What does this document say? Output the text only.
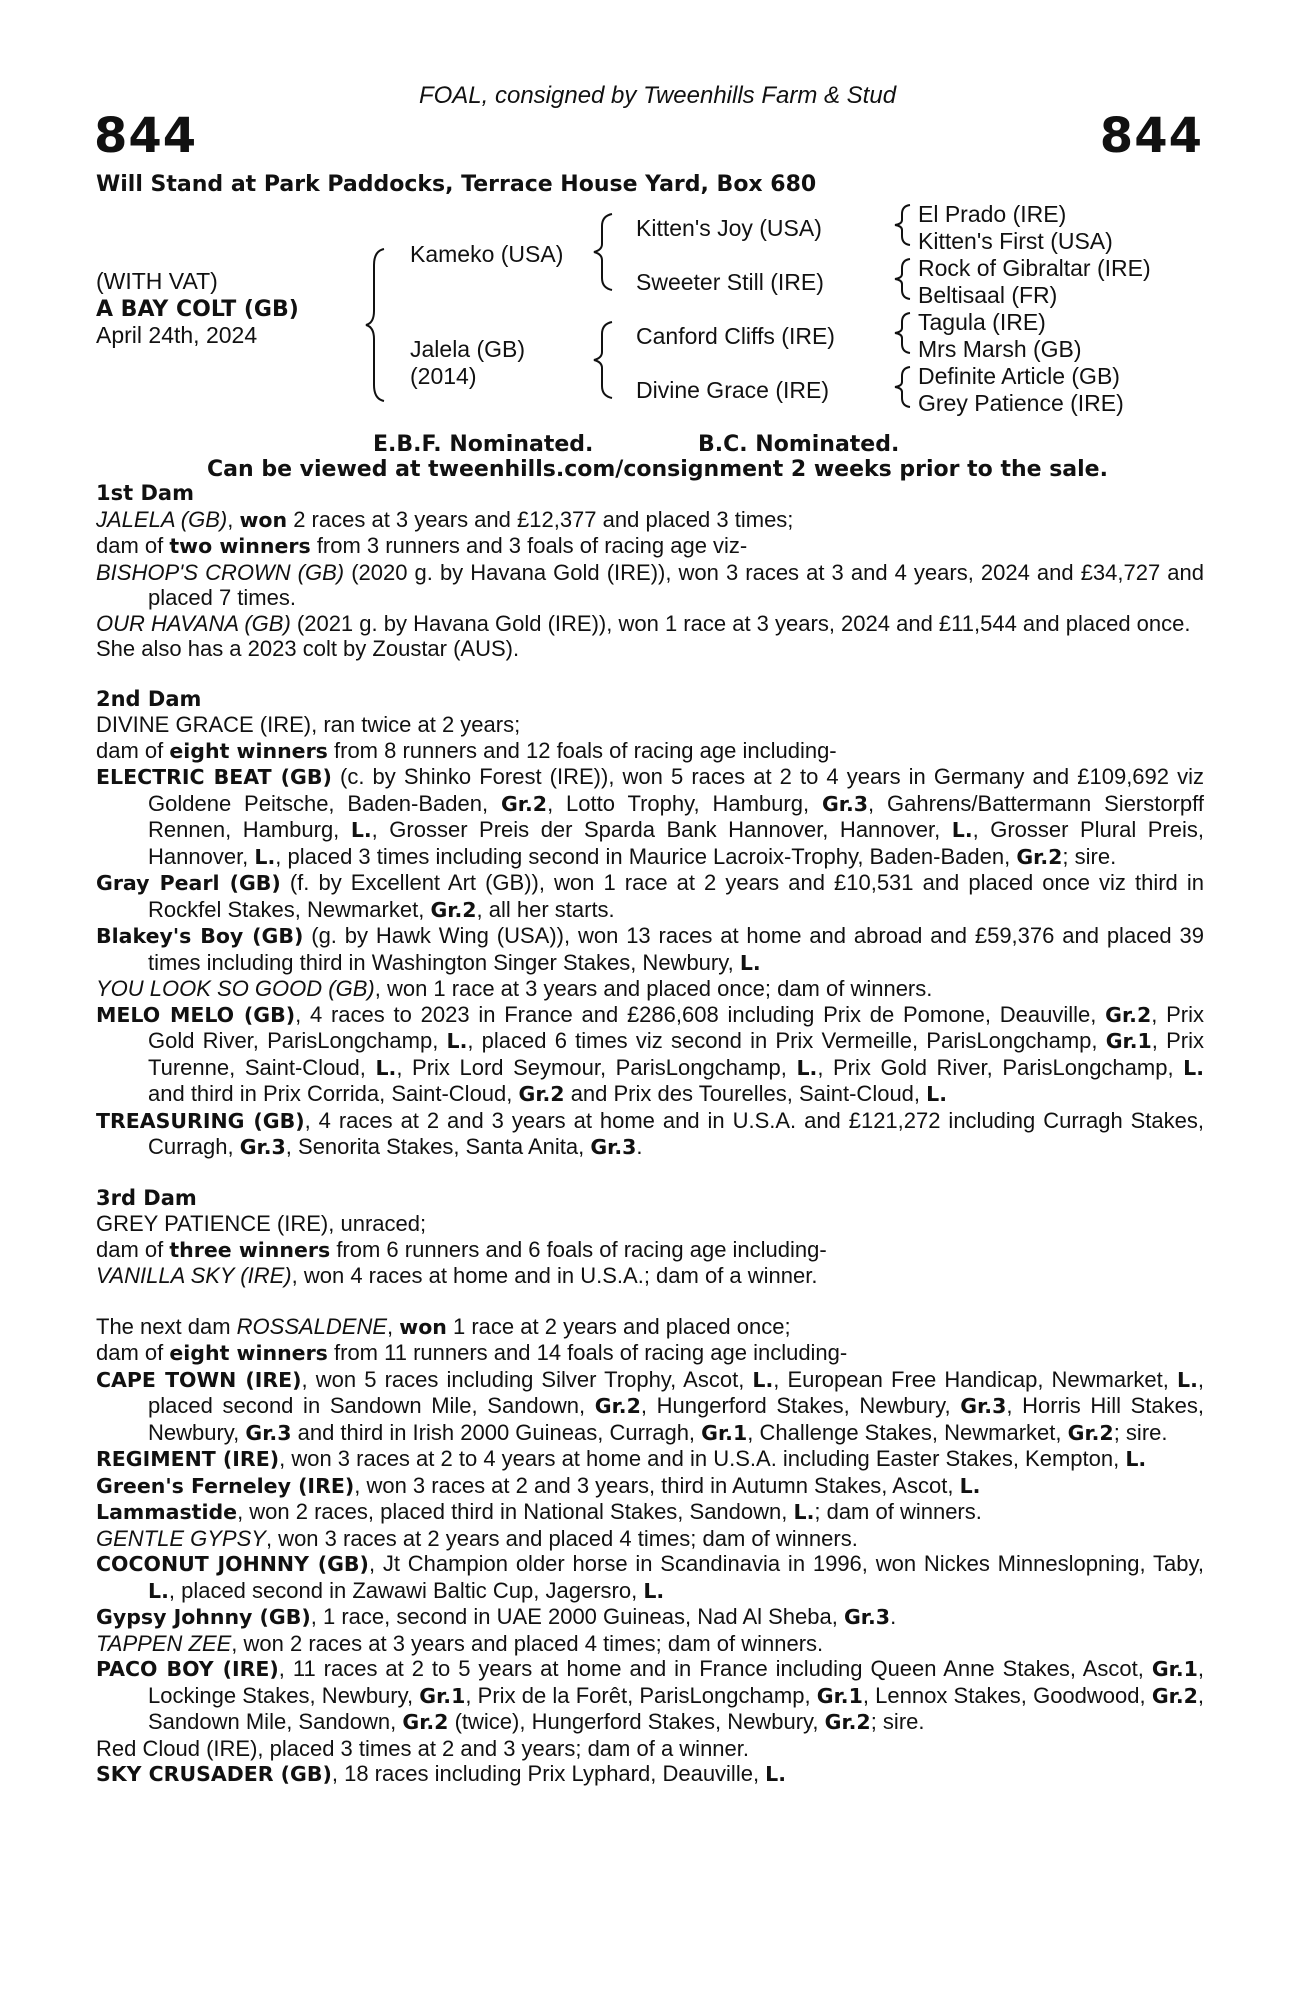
FOAL, consigned by Tweenhills Farm & Stud
844	844
Will Stand at Park Paddocks, Terrace House Yard, Box 680
(WITH VAT)
A BAY COLT (GB)
April 24th, 2024
Kameko (USA)
Jalela (GB)
(2014)
Kitten's Joy (USA)
Sweeter Still (IRE)
Canford Cliffs (IRE)
Divine Grace (IRE)
El Prado (IRE)
Kitten's First (USA)
Rock of Gibraltar (IRE)
Beltisaal (FR)
Tagula (IRE)
Mrs Marsh (GB)
Definite Article (GB)
Grey Patience (IRE)
E.B.F. Nominated.	B.C. Nominated.
Can be viewed at tweenhills.com/consignment 2 weeks prior to the sale.

1st Dam

JALELA (GB), won 2 races at 3 years and £12,377 and placed 3 times;

dam of two winners from 3 runners and 3 foals of racing age viz-

BISHOP'S CROWN (GB) (2020 g. by Havana Gold (IRE)), won 3 races at 3 and 4 years, 2024 and £34,727 and placed 7 times.

OUR HAVANA (GB) (2021 g. by Havana Gold (IRE)), won 1 race at 3 years, 2024 and £11,544 and placed once.

She also has a 2023 colt by Zoustar (AUS).

2nd Dam

DIVINE GRACE (IRE), ran twice at 2 years;

dam of eight winners from 8 runners and 12 foals of racing age including-

ELECTRIC BEAT (GB) (c. by Shinko Forest (IRE)), won 5 races at 2 to 4 years in Germany and £109,692 viz Goldene Peitsche, Baden-Baden, Gr.2, Lotto Trophy, Hamburg, Gr.3, Gahrens/Battermann Sierstorpff Rennen, Hamburg, L., Grosser Preis der Sparda Bank Hannover, Hannover, L., Grosser Plural Preis, Hannover, L., placed 3 times including second in Maurice Lacroix-Trophy, Baden-Baden, Gr.2; sire.

Gray Pearl (GB) (f. by Excellent Art (GB)), won 1 race at 2 years and £10,531 and placed once viz third in Rockfel Stakes, Newmarket, Gr.2, all her starts.

Blakey's Boy (GB) (g. by Hawk Wing (USA)), won 13 races at home and abroad and £59,376 and placed 39 times including third in Washington Singer Stakes, Newbury, L.

YOU LOOK SO GOOD (GB), won 1 race at 3 years and placed once; dam of winners.

MELO MELO (GB), 4 races to 2023 in France and £286,608 including Prix de Pomone, Deauville, Gr.2, Prix Gold River, ParisLongchamp, L., placed 6 times viz second in Prix Vermeille, ParisLongchamp, Gr.1, Prix Turenne, Saint-Cloud, L., Prix Lord Seymour, ParisLongchamp, L., Prix Gold River, ParisLongchamp, L. and third in Prix Corrida, Saint-Cloud, Gr.2 and Prix des Tourelles, Saint-Cloud, L.

TREASURING (GB), 4 races at 2 and 3 years at home and in U.S.A. and £121,272 including Curragh Stakes, Curragh, Gr.3, Senorita Stakes, Santa Anita, Gr.3.

3rd Dam

GREY PATIENCE (IRE), unraced;

dam of three winners from 6 runners and 6 foals of racing age including-

VANILLA SKY (IRE), won 4 races at home and in U.S.A.; dam of a winner.

The next dam ROSSALDENE, won 1 race at 2 years and placed once;

dam of eight winners from 11 runners and 14 foals of racing age including-

CAPE TOWN (IRE), won 5 races including Silver Trophy, Ascot, L., European Free Handicap, Newmarket, L., placed second in Sandown Mile, Sandown, Gr.2, Hungerford Stakes, Newbury, Gr.3, Horris Hill Stakes, Newbury, Gr.3 and third in Irish 2000 Guineas, Curragh, Gr.1, Challenge Stakes, Newmarket, Gr.2; sire.

REGIMENT (IRE), won 3 races at 2 to 4 years at home and in U.S.A. including Easter Stakes, Kempton, L.

Green's Ferneley (IRE), won 3 races at 2 and 3 years, third in Autumn Stakes, Ascot, L.

Lammastide, won 2 races, placed third in National Stakes, Sandown, L.; dam of winners.

GENTLE GYPSY, won 3 races at 2 years and placed 4 times; dam of winners.

COCONUT JOHNNY (GB), Jt Champion older horse in Scandinavia in 1996, won Nickes Minneslopning, Taby, L., placed second in Zawawi Baltic Cup, Jagersro, L.

Gypsy Johnny (GB), 1 race, second in UAE 2000 Guineas, Nad Al Sheba, Gr.3.

TAPPEN ZEE, won 2 races at 3 years and placed 4 times; dam of winners.

PACO BOY (IRE), 11 races at 2 to 5 years at home and in France including Queen Anne Stakes, Ascot, Gr.1, Lockinge Stakes, Newbury, Gr.1, Prix de la Forêt, ParisLongchamp, Gr.1, Lennox Stakes, Goodwood, Gr.2, Sandown Mile, Sandown, Gr.2 (twice), Hungerford Stakes, Newbury, Gr.2; sire.

Red Cloud (IRE), placed 3 times at 2 and 3 years; dam of a winner.

SKY CRUSADER (GB), 18 races including Prix Lyphard, Deauville, L.
